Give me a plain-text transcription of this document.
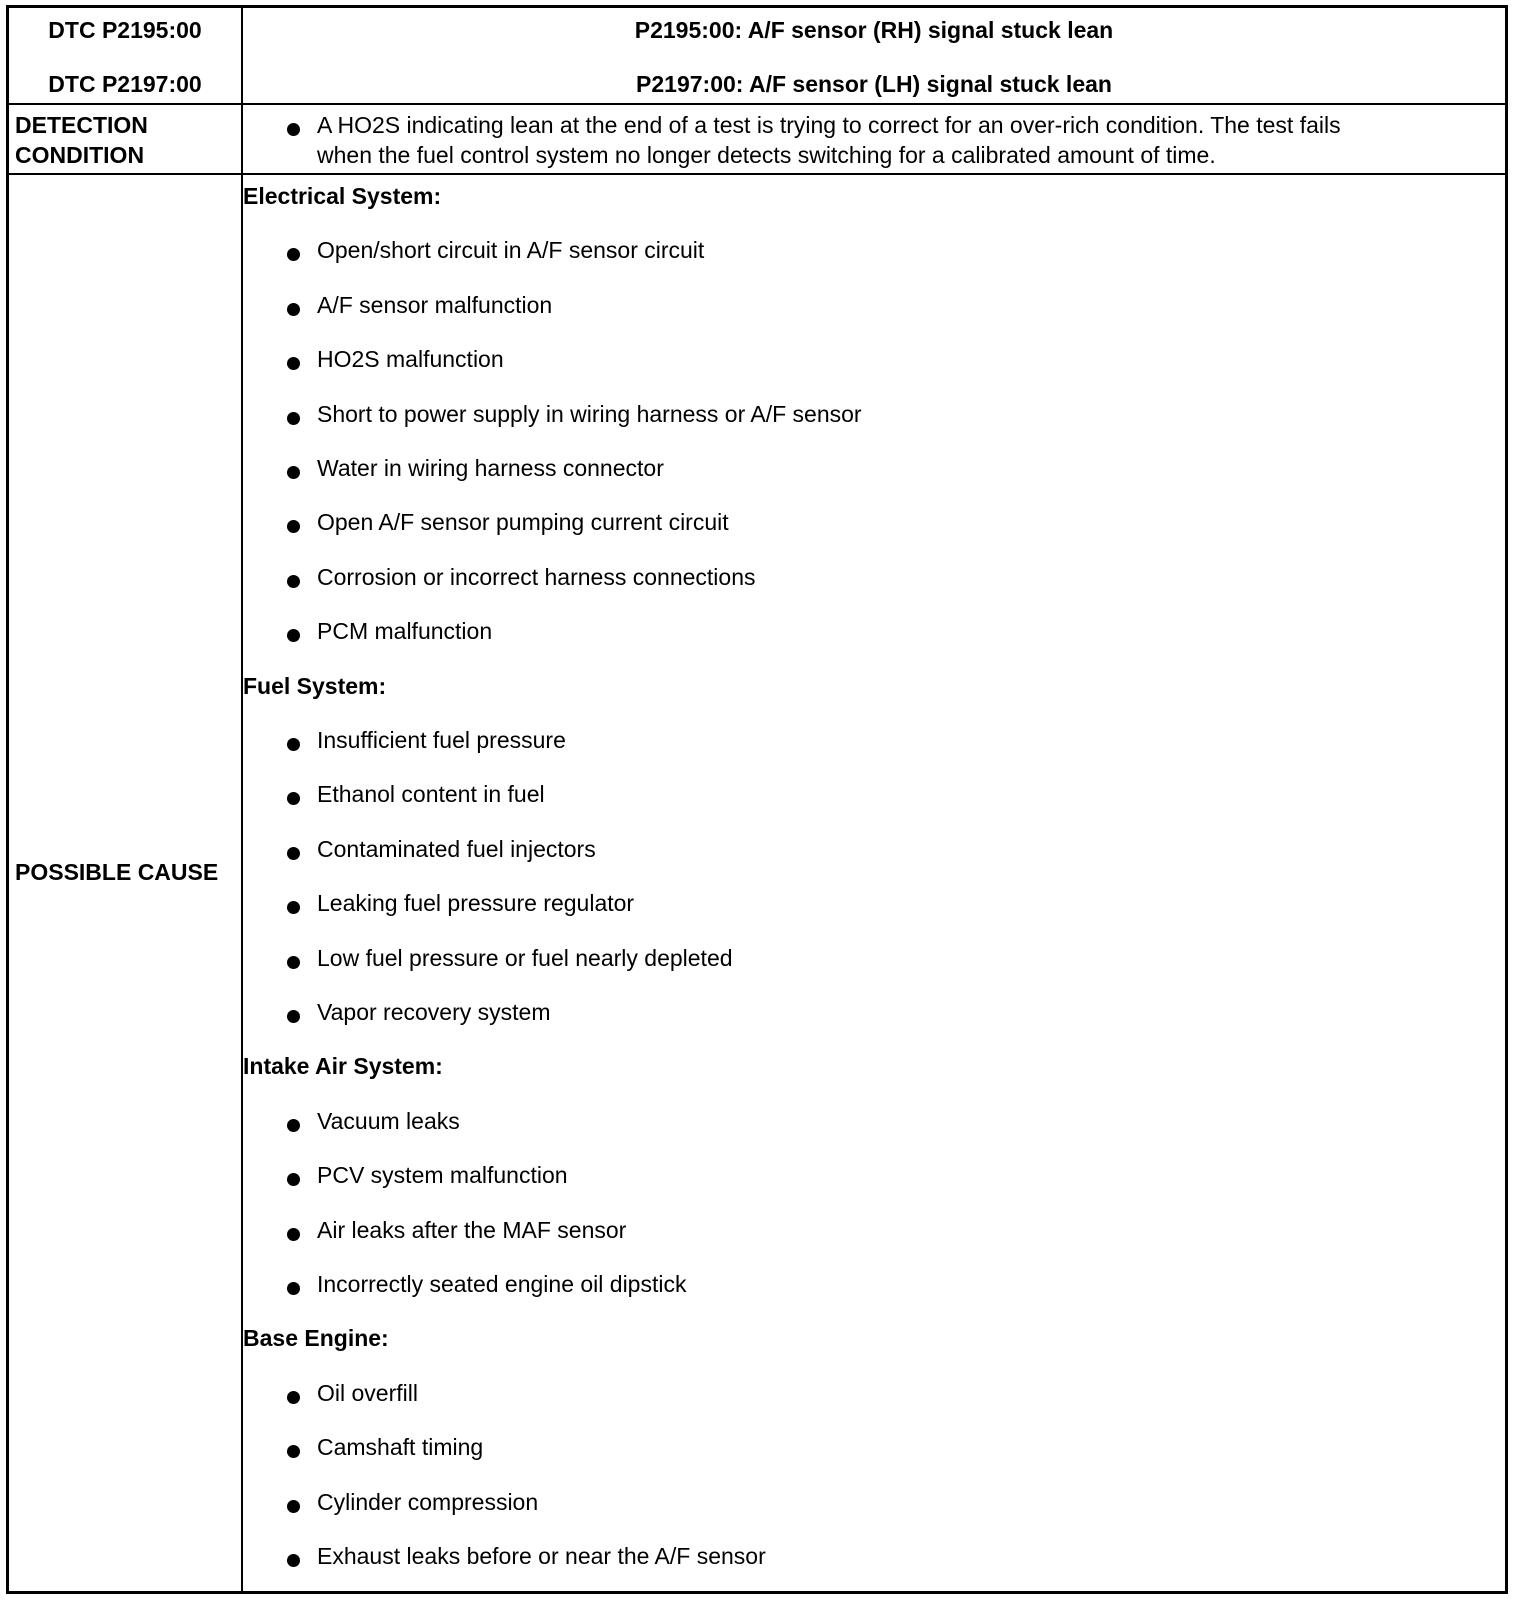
DTC P2195:00
DTC P2197:00
P2195:00: A/F sensor (RH) signal stuck lean
P2197:00: A/F sensor (LH) signal stuck lean
DETECTION
CONDITION
A HO2S indicating lean at the end of a test is trying to correct for an over-rich condition. The test fails
when the fuel control system no longer detects switching for a calibrated amount of time.
POSSIBLE CAUSE
Electrical System:
Open/short circuit in A/F sensor circuit
A/F sensor malfunction
HO2S malfunction
Short to power supply in wiring harness or A/F sensor
Water in wiring harness connector
Open A/F sensor pumping current circuit
Corrosion or incorrect harness connections
PCM malfunction
Fuel System:
Insufficient fuel pressure
Ethanol content in fuel
Contaminated fuel injectors
Leaking fuel pressure regulator
Low fuel pressure or fuel nearly depleted
Vapor recovery system
Intake Air System:
Vacuum leaks
PCV system malfunction
Air leaks after the MAF sensor
Incorrectly seated engine oil dipstick
Base Engine:
Oil overfill
Camshaft timing
Cylinder compression
Exhaust leaks before or near the A/F sensor
